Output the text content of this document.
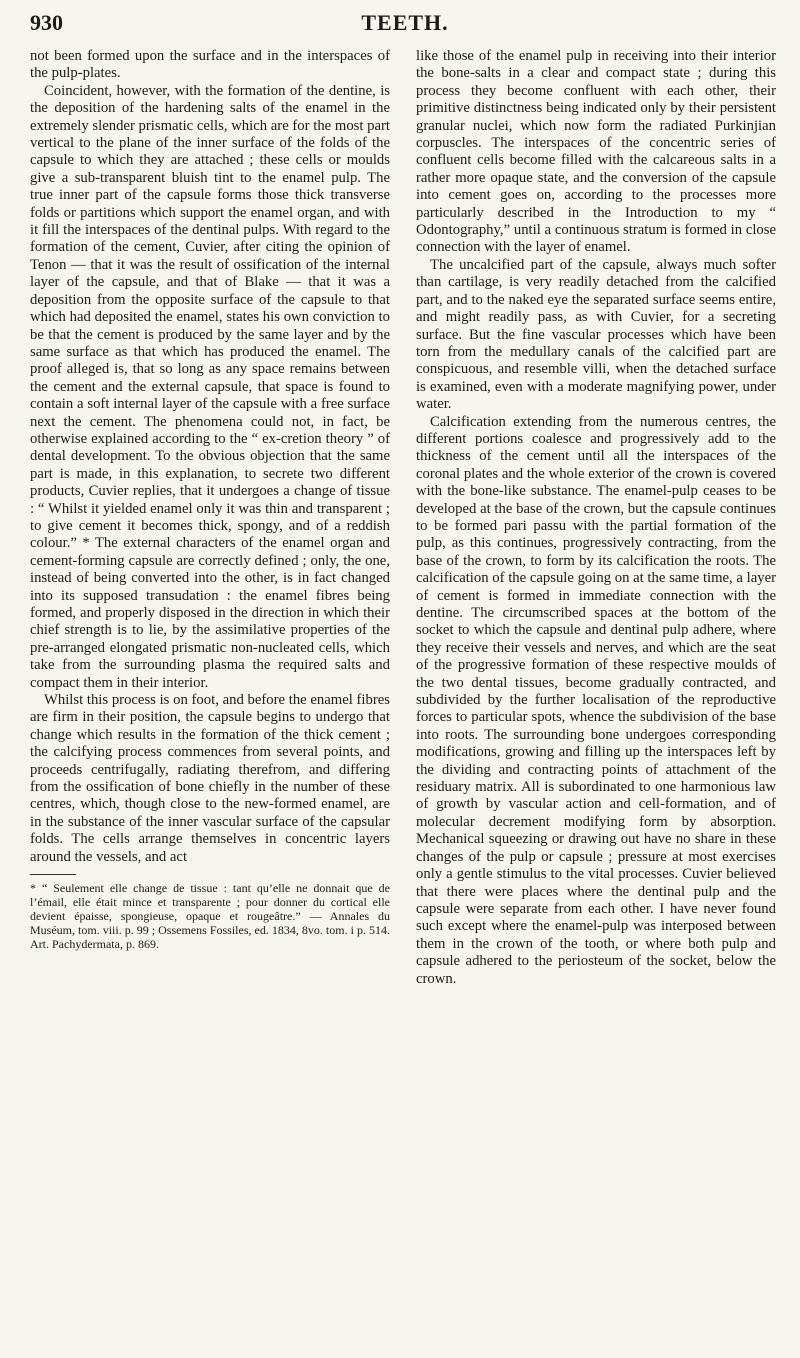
930	TEETH.

not been formed upon the surface and in the interspaces of the pulp-plates.

Coincident, however, with the formation of the dentine, is the deposition of the hardening salts of the enamel in the extremely slender prismatic cells, which are for the most part vertical to the plane of the inner surface of the folds of the capsule to which they are attached ; these cells or moulds give a sub-transparent bluish tint to the enamel pulp. The true inner part of the capsule forms those thick transverse folds or partitions which support the enamel organ, and with it fill the interspaces of the dentinal pulps. With regard to the formation of the cement, Cuvier, after citing the opinion of Tenon — that it was the result of ossification of the internal layer of the capsule, and that of Blake — that it was a deposition from the opposite surface of the capsule to that which had deposited the enamel, states his own conviction to be that the cement is produced by the same layer and by the same surface as that which has produced the enamel. The proof alleged is, that so long as any space remains between the cement and the external capsule, that space is found to contain a soft internal layer of the capsule with a free surface next the cement. The phenomena could not, in fact, be otherwise explained according to the “ ex-cretion theory ” of dental development. To the obvious objection that the same part is made, in this explanation, to secrete two different products, Cuvier replies, that it undergoes a change of tissue : “ Whilst it yielded enamel only it was thin and transparent ; to give cement it becomes thick, spongy, and of a reddish colour.” * The external characters of the enamel organ and cement-forming capsule are correctly defined ; only, the one, instead of being converted into the other, is in fact changed into its supposed transudation : the enamel fibres being formed, and properly disposed in the direction in which their chief strength is to lie, by the assimilative properties of the pre-arranged elongated prismatic non-nucleated cells, which take from the surrounding plasma the required salts and compact them in their interior.

Whilst this process is on foot, and before the enamel fibres are firm in their position, the capsule begins to undergo that change which results in the formation of the thick cement ; the calcifying process commences from several points, and proceeds centrifugally, radiating therefrom, and differing from the ossification of bone chiefly in the number of these centres, which, though close to the new-formed enamel, are in the substance of the inner vascular surface of the capsular folds. The cells arrange themselves in concentric layers around the vessels, and act

* “ Seulement elle change de tissue : tant qu’elle ne donnait que de l’émail, elle était mince et transparente ; pour donner du cortical elle devient épaisse, spongieuse, opaque et rougeâtre.” — Annales du Muséum, tom. viii. p. 99 ; Ossemens Fossiles, ed. 1834, 8vo. tom. i p. 514. Art. Pachydermata, p. 869.

like those of the enamel pulp in receiving into their interior the bone-salts in a clear and compact state ; during this process they become confluent with each other, their primitive distinctness being indicated only by their persistent granular nuclei, which now form the radiated Purkinjian corpuscles. The interspaces of the concentric series of confluent cells become filled with the calcareous salts in a rather more opaque state, and the conversion of the capsule into cement goes on, according to the processes more particularly described in the Introduction to my “ Odontography,” until a continuous stratum is formed in close connection with the layer of enamel.

The uncalcified part of the capsule, always much softer than cartilage, is very readily detached from the calcified part, and to the naked eye the separated surface seems entire, and might readily pass, as with Cuvier, for a secreting surface. But the fine vascular processes which have been torn from the medullary canals of the calcified part are conspicuous, and resemble villi, when the detached surface is examined, even with a moderate magnifying power, under water.

Calcification extending from the numerous centres, the different portions coalesce and progressively add to the thickness of the cement until all the interspaces of the coronal plates and the whole exterior of the crown is covered with the bone-like substance. The enamel-pulp ceases to be developed at the base of the crown, but the capsule continues to be formed pari passu with the partial formation of the pulp, as this continues, progressively contracting, from the base of the crown, to form by its calcification the roots. The calcification of the capsule going on at the same time, a layer of cement is formed in immediate connection with the dentine. The circumscribed spaces at the bottom of the socket to which the capsule and dentinal pulp adhere, where they receive their vessels and nerves, and which are the seat of the progressive formation of these respective moulds of the two dental tissues, become gradually contracted, and subdivided by the further localisation of the reproductive forces to particular spots, whence the subdivision of the base into roots. The surrounding bone undergoes corresponding modifications, growing and filling up the interspaces left by the dividing and contracting points of attachment of the residuary matrix. All is subordinated to one harmonious law of growth by vascular action and cell-formation, and of molecular decrement modifying form by absorption. Mechanical squeezing or drawing out have no share in these changes of the pulp or capsule ; pressure at most exercises only a gentle stimulus to the vital processes. Cuvier believed that there were places where the dentinal pulp and the capsule were separate from each other. I have never found such except where the enamel-pulp was interposed between them in the crown of the tooth, or where both pulp and capsule adhered to the periosteum of the socket, below the crown.
